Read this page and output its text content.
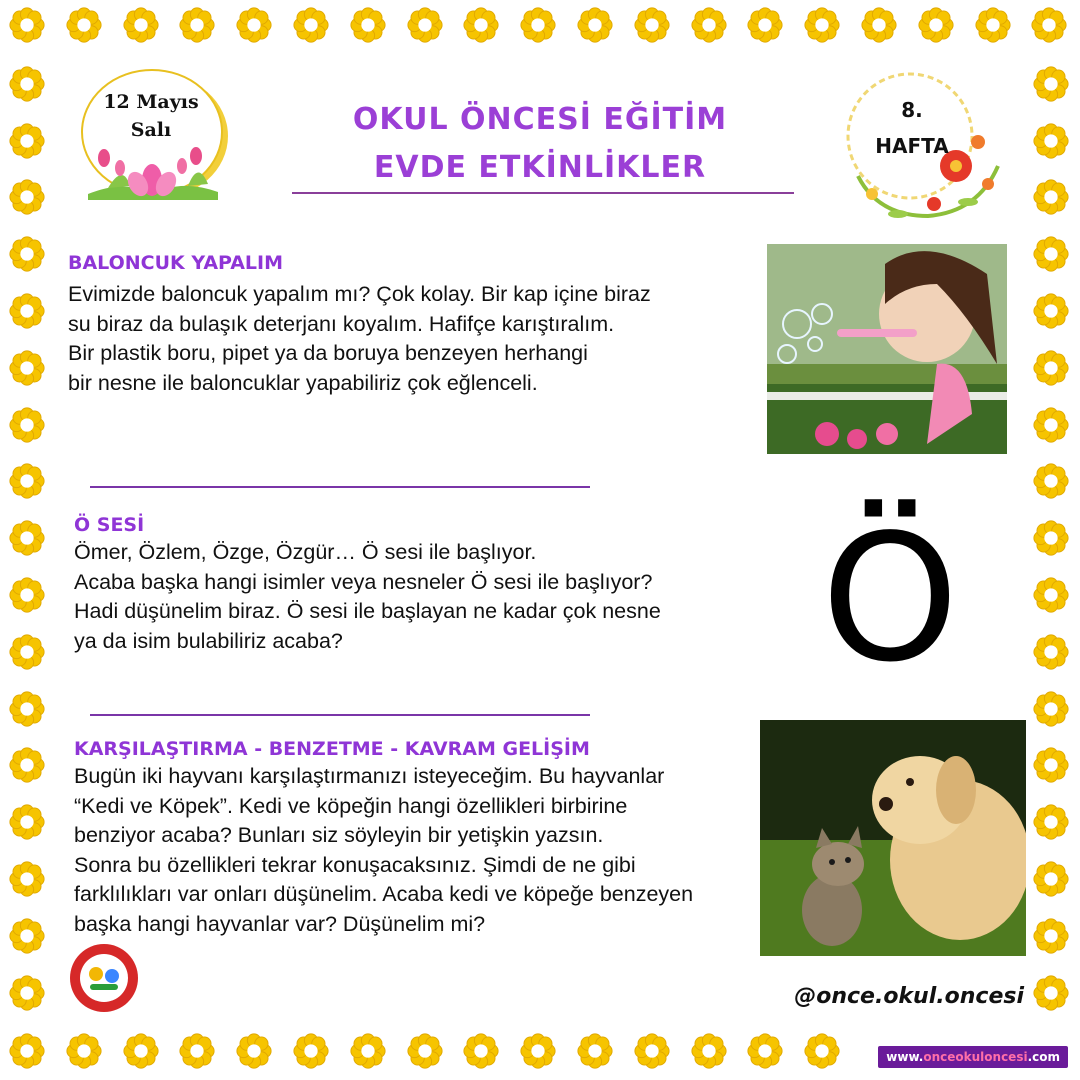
12 Mayıs
Salı	OKUL ÖNCESİ EĞİTİM
EVDE ETKİNLİKLER
8.
HAFTA
BALONCUK YAPALIM
Evimizde baloncuk yapalım mı? Çok kolay. Bir kap içine biraz
su biraz da bulaşık deterjanı koyalım. Hafifçe karıştıralım.
Bir plastik boru, pipet ya da boruya benzeyen herhangi
bir nesne ile baloncuklar yapabiliriz çok eğlenceli.
Ö SESİ
Ömer, Özlem, Özge, Özgür… Ö sesi ile başlıyor.
Acaba başka hangi isimler veya nesneler Ö sesi ile başlıyor?
Hadi düşünelim biraz. Ö sesi ile başlayan ne kadar çok nesne
ya da isim bulabiliriz acaba?	Ö
KARŞILAŞTIRMA - BENZETME - KAVRAM GELİŞİM
Bugün iki hayvanı karşılaştırmanızı isteyeceğim. Bu hayvanlar
“Kedi ve Köpek”. Kedi ve köpeğin hangi özellikleri birbirine
benziyor acaba? Bunları siz söyleyin bir yetişkin yazsın.
Sonra bu özellikleri tekrar konuşacaksınız. Şimdi de ne gibi
farklılıkları var onları düşünelim. Acaba kedi ve köpeğe benzeyen
başka hangi hayvanlar var? Düşünelim mi?
@once.okul.oncesi
www.onceokuloncesi.com
